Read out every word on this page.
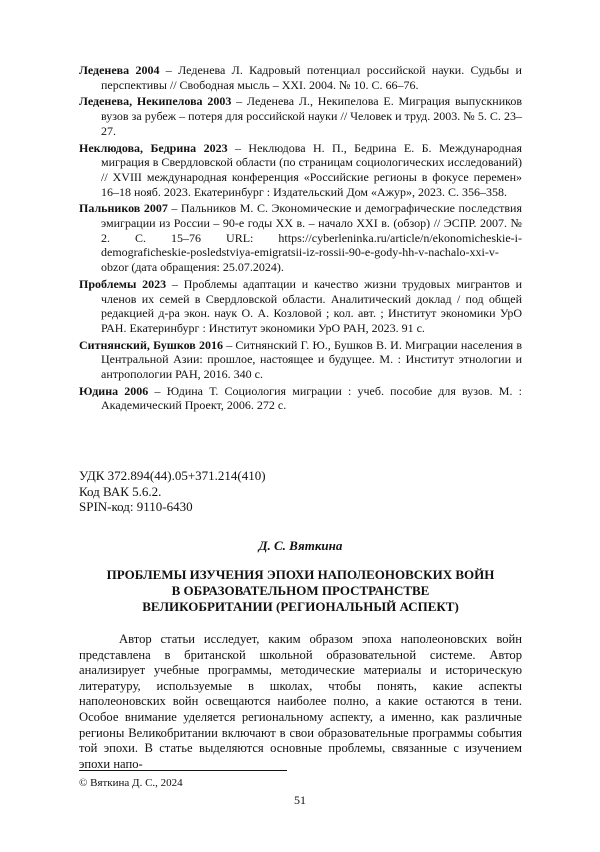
Леденева 2004 – Леденева Л. Кадровый потенциал российской науки. Судьбы и перспективы // Свободная мысль – XXI. 2004. № 10. С. 66–76.

Леденева, Некипелова 2003 – Леденева Л., Некипелова Е. Миграция выпускников вузов за рубеж – потеря для российской науки // Человек и труд. 2003. № 5. С. 23–27.

Неклюдова, Бедрина 2023 – Неклюдова Н. П., Бедрина Е. Б. Международная миграция в Свердловской области (по страницам социологических исследований) // XVIII международная конференция «Российские регионы в фокусе перемен» 16–18 нояб. 2023. Екатеринбург : Издательский Дом «Ажур», 2023. С. 356–358.

Пальников 2007 – Пальников М. С. Экономические и демографические последствия эмиграции из России – 90-е годы XX в. – начало XXI в. (обзор) // ЭСПР. 2007. № 2. С. 15–76 URL: https://cyberleninka.ru/article/n/ekonomicheskie-i-demograficheskie-posledstviya-emigratsii-iz-rossii-90-e-gody-hh-v-nachalo-xxi-v-obzor (дата обращения: 25.07.2024).

Проблемы 2023 – Проблемы адаптации и качество жизни трудовых мигрантов и членов их семей в Свердловской области. Аналитический доклад / под общей редакцией д-ра экон. наук О. А. Козловой ; кол. авт. ; Институт экономики УрО РАН. Екатеринбург : Институт экономики УрО РАН, 2023. 91 с.

Ситнянский, Бушков 2016 – Ситнянский Г. Ю., Бушков В. И. Миграции населения в Центральной Азии: прошлое, настоящее и будущее. М. : Институт этнологии и антропологии РАН, 2016. 340 с.

Юдина 2006 – Юдина Т. Социология миграции : учеб. пособие для вузов. М. : Академический Проект, 2006. 272 с.

УДК 372.894(44).05+371.214(410)
Код ВАК 5.6.2.
SPIN-код: 9110-6430
Д. С. Вяткина
ПРОБЛЕМЫ ИЗУЧЕНИЯ ЭПОХИ НАПОЛЕОНОВСКИХ ВОЙН
В ОБРАЗОВАТЕЛЬНОМ ПРОСТРАНСТВЕ
ВЕЛИКОБРИТАНИИ (РЕГИОНАЛЬНЫЙ АСПЕКТ)

Автор статьи исследует, каким образом эпоха наполеоновских войн представлена в британской школьной образовательной системе. Автор анализирует учебные программы, методические материалы и историческую литературу, используемые в школах, чтобы понять, какие аспекты наполеоновских войн освещаются наиболее полно, а какие остаются в тени. Особое внимание уделяется региональному аспекту, а именно, как различные регионы Великобритании включают в свои образовательные программы события той эпохи. В статье выделяются основные проблемы, связанные с изучением эпохи напо-

© Вяткина Д. С., 2024
51
